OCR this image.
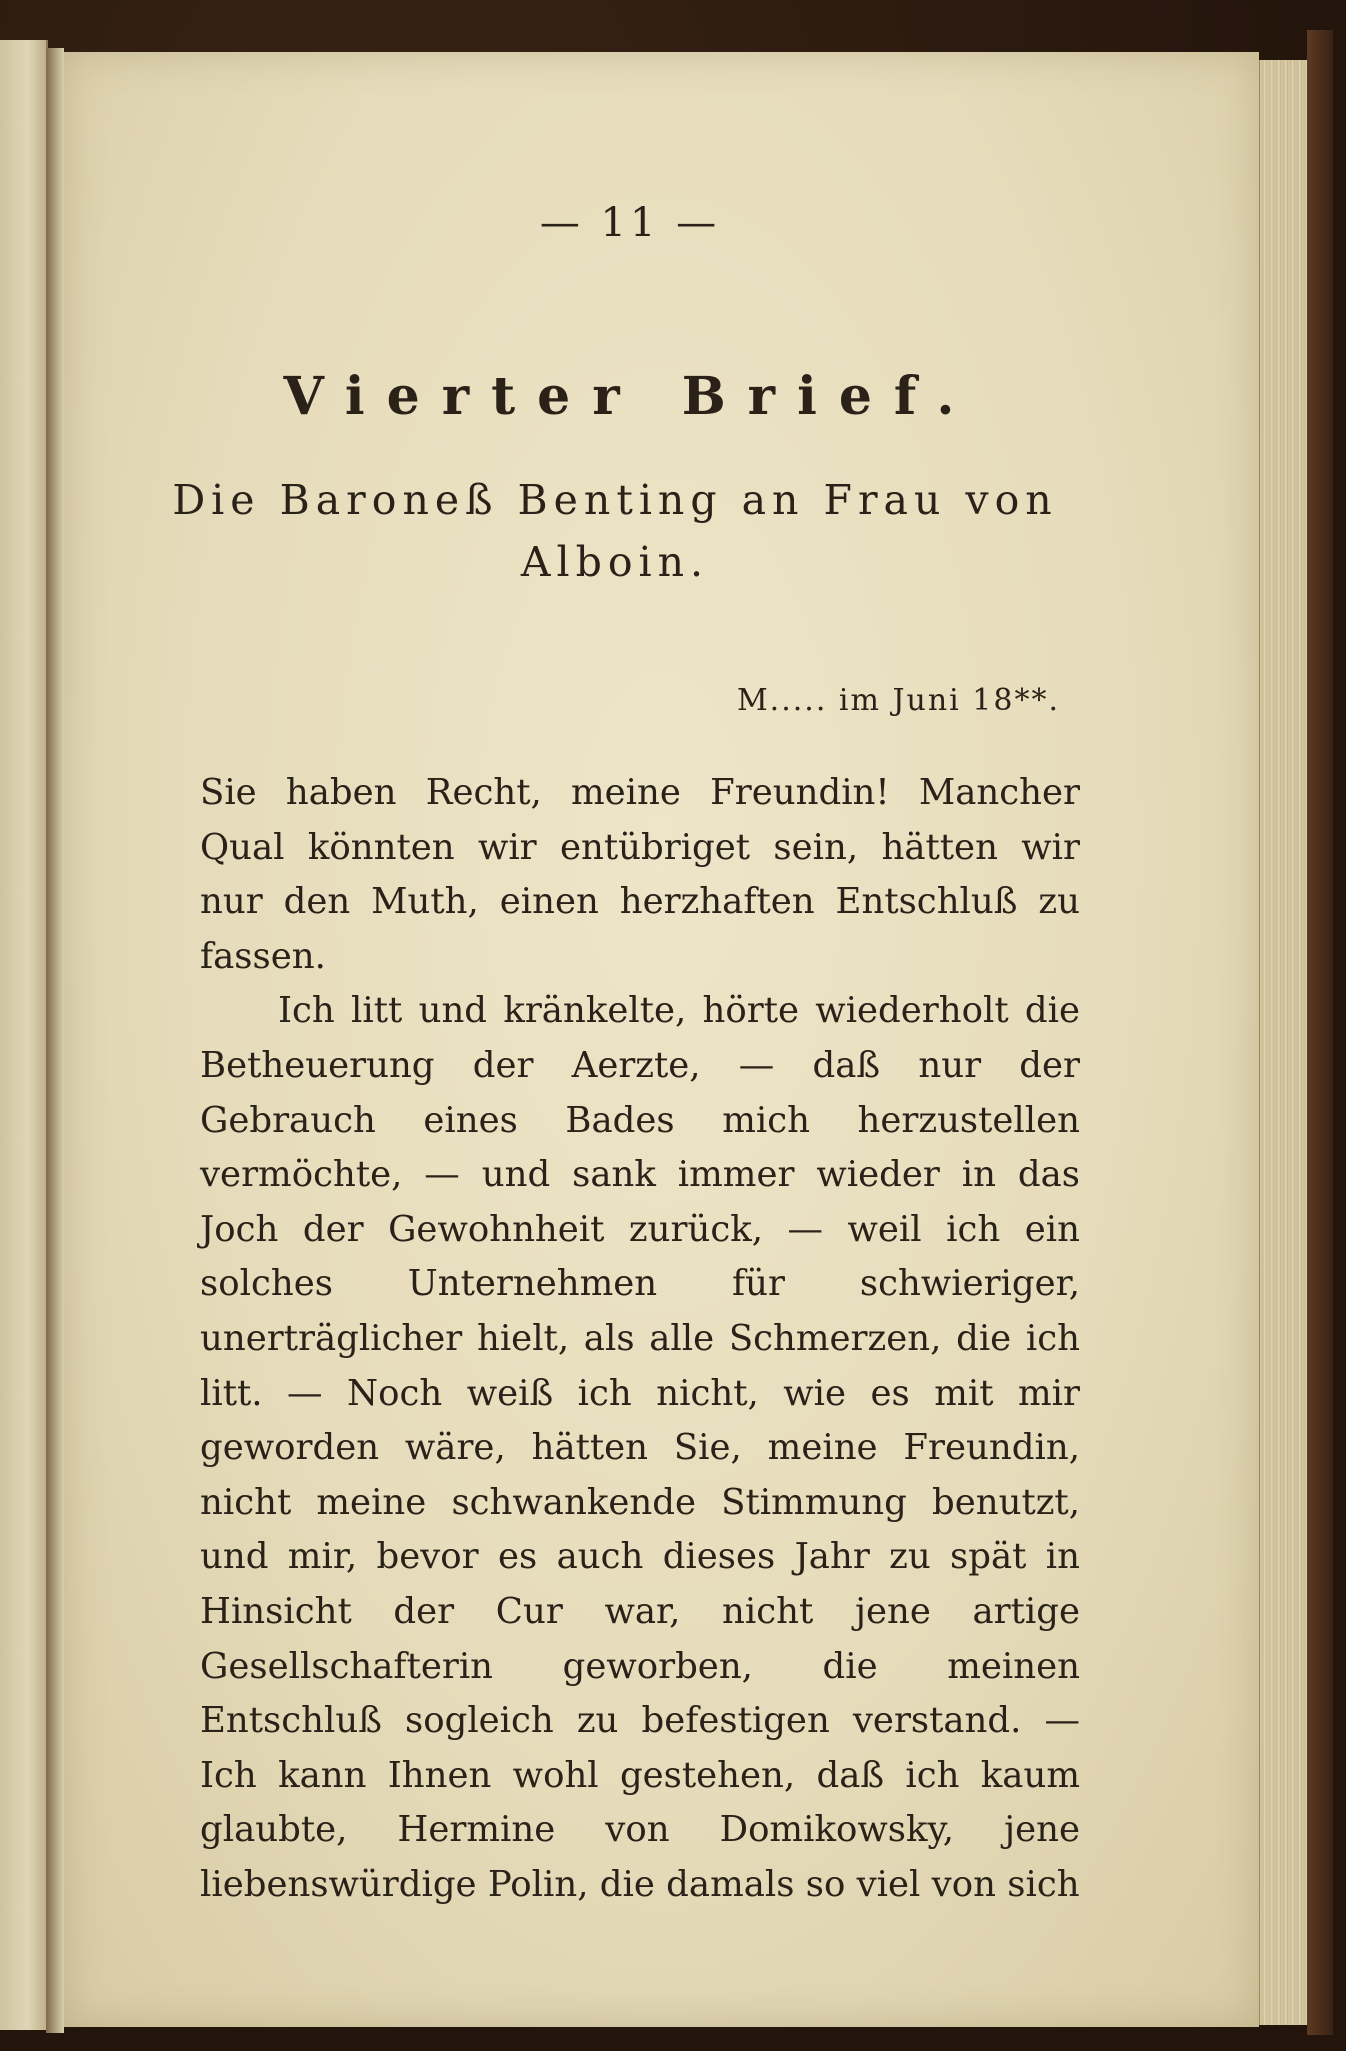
— 11 —
Vierter Brief.
Die Baroneß Benting an Frau von Alboin.
M..... im Juni 18**.

Sie haben Recht, meine Freundin! Mancher Qual könnten wir entübriget sein, hätten wir nur den Muth, einen herzhaften Entschluß zu fassen.

Ich litt und kränkelte, hörte wiederholt die Betheuerung der Aerzte, — daß nur der Gebrauch eines Bades mich herzustellen vermöchte, — und sank immer wieder in das Joch der Gewohnheit zurück, — weil ich ein solches Unternehmen für schwieriger, unerträglicher hielt, als alle Schmerzen, die ich litt. — Noch weiß ich nicht, wie es mit mir geworden wäre, hätten Sie, meine Freundin, nicht meine schwankende Stimmung benutzt, und mir, bevor es auch dieses Jahr zu spät in Hinsicht der Cur war, nicht jene artige Gesellschafterin geworben, die meinen Entschluß sogleich zu befestigen verstand. — Ich kann Ihnen wohl gestehen, daß ich kaum glaubte, Hermine von Domikowsky, jene liebenswürdige Polin, die damals so viel von sich
